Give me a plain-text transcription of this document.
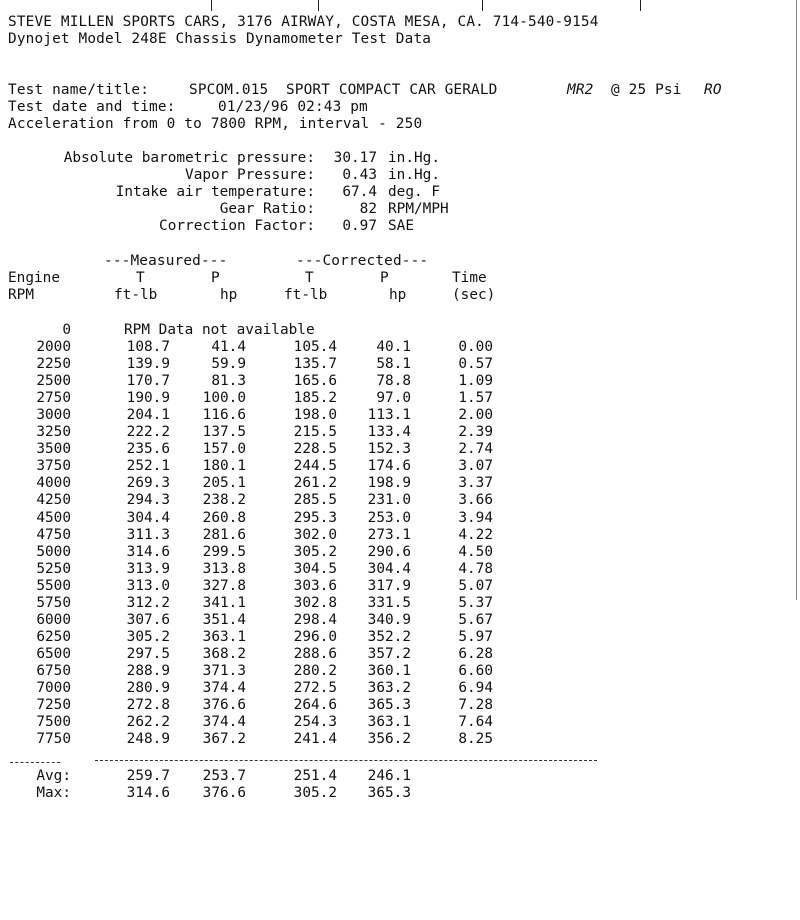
STEVE MILLEN SPORTS CARS, 3176 AIRWAY, COSTA MESA, CA. 714-540-9154
Dynojet Model 248E Chassis Dynamometer Test Data
Test name/title:	SPCOM.015  SPORT COMPACT CAR GERALD	MR2 @ 25 Psi RO
Test date and time:	01/23/96 02:43 pm
Acceleration from 0 to 7800 RPM, interval - 250
Absolute barometric pressure:	30.17 in.Hg.
Vapor Pressure:	0.43 in.Hg.
Intake air temperature:	67.4 deg. F
Gear Ratio:	82 RPM/MPH
Correction Factor:	0.97 SAE
---Measured---	---Corrected---
Engine	T	P	T	P	Time
RPM	ft-lb	hp	ft-lb	hp	(sec)
0	RPM Data not available
2000	108.7	41.4	105.4	40.1	0.00
2250	139.9	59.9	135.7	58.1	0.57
2500	170.7	81.3	165.6	78.8	1.09
2750	190.9	100.0	185.2	97.0	1.57
3000	204.1	116.6	198.0	113.1	2.00
3250	222.2	137.5	215.5	133.4	2.39
3500	235.6	157.0	228.5	152.3	2.74
3750	252.1	180.1	244.5	174.6	3.07
4000	269.3	205.1	261.2	198.9	3.37
4250	294.3	238.2	285.5	231.0	3.66
4500	304.4	260.8	295.3	253.0	3.94
4750	311.3	281.6	302.0	273.1	4.22
5000	314.6	299.5	305.2	290.6	4.50
5250	313.9	313.8	304.5	304.4	4.78
5500	313.0	327.8	303.6	317.9	5.07
5750	312.2	341.1	302.8	331.5	5.37
6000	307.6	351.4	298.4	340.9	5.67
6250	305.2	363.1	296.0	352.2	5.97
6500	297.5	368.2	288.6	357.2	6.28
6750	288.9	371.3	280.2	360.1	6.60
7000	280.9	374.4	272.5	363.2	6.94
7250	272.8	376.6	264.6	365.3	7.28
7500	262.2	374.4	254.3	363.1	7.64
7750	248.9	367.2	241.4	356.2	8.25
Avg:	259.7	253.7	251.4	246.1
Max:	314.6	376.6	305.2	365.3
